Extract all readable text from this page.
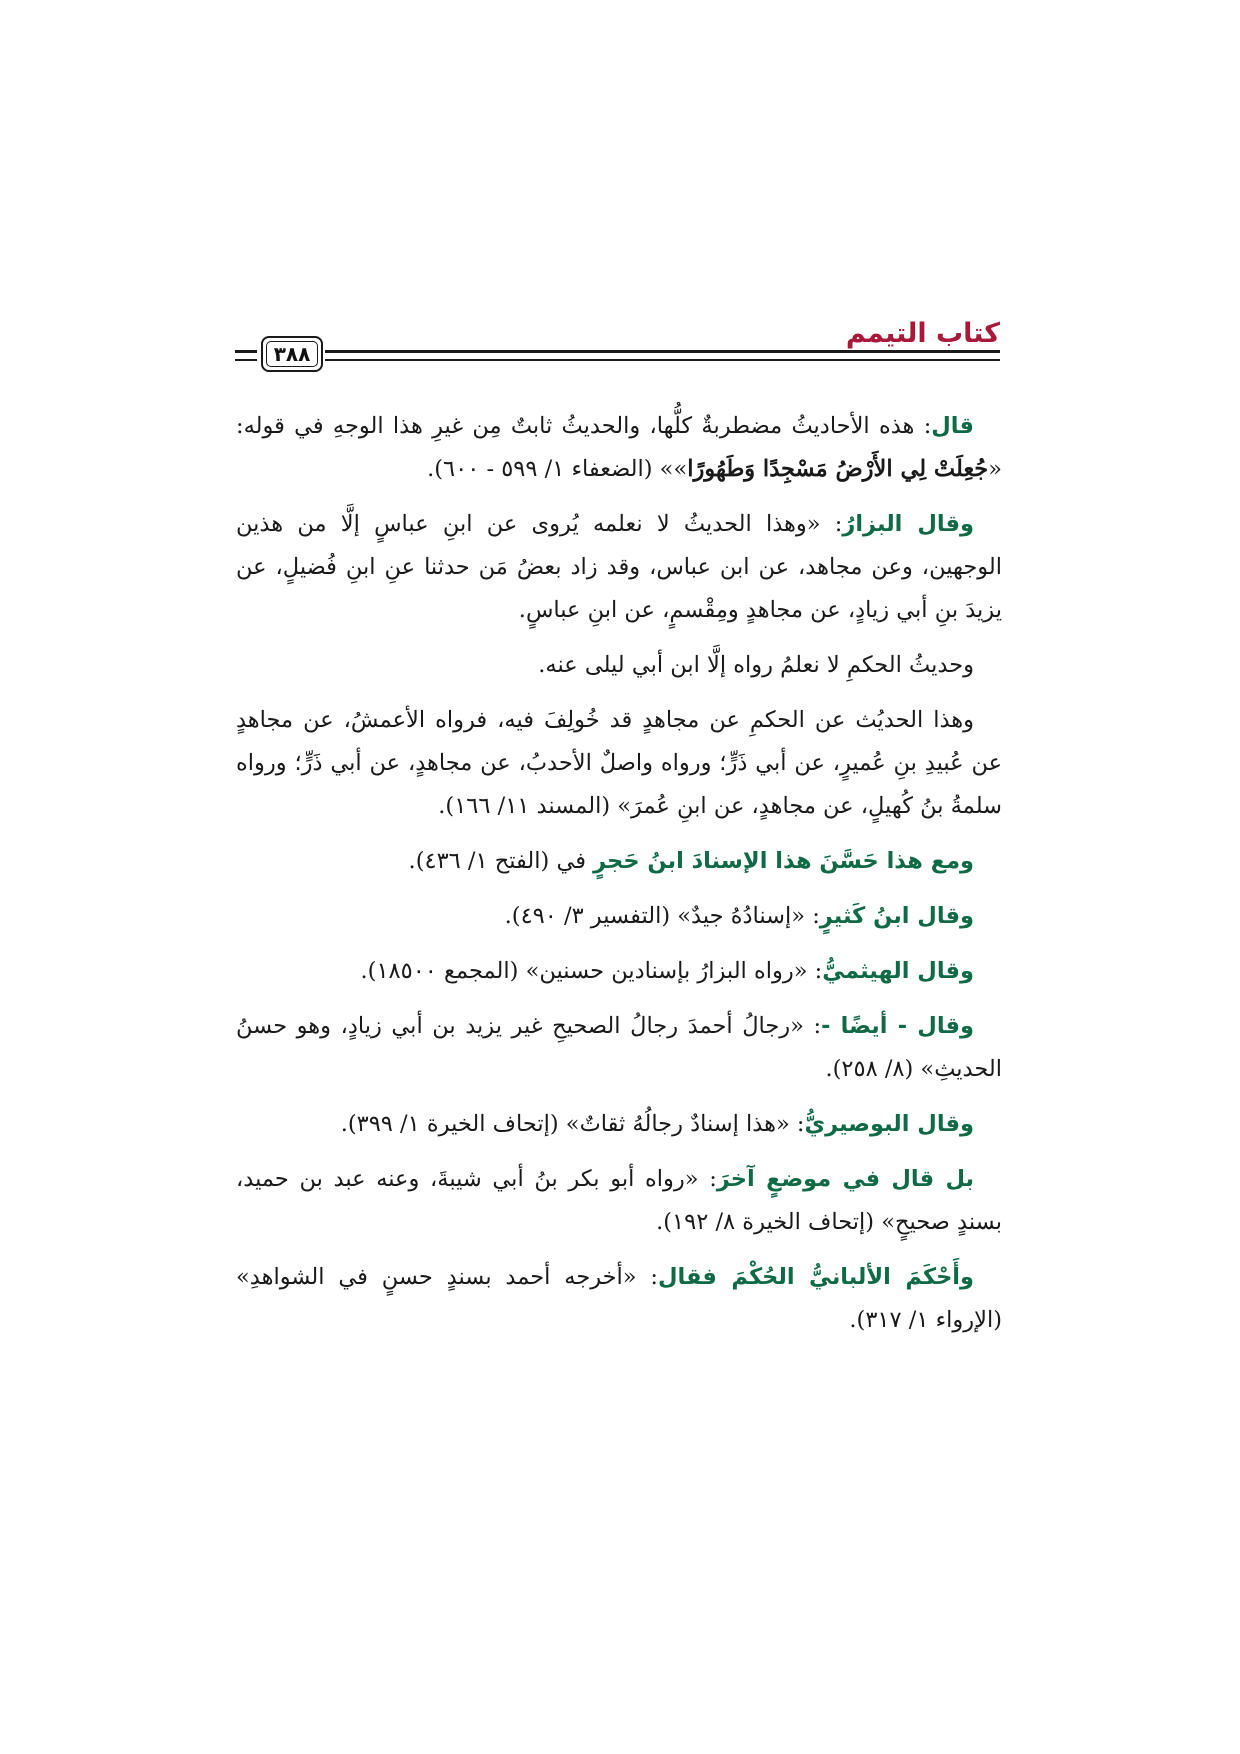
كتاب التيمم
٣٨٨

قال: هذه الأحاديثُ مضطربةٌ كلُّها، والحديثُ ثابتٌ مِن غيرِ هذا الوجهِ في قوله: «جُعِلَتْ لِي الأَرْضُ مَسْجِدًا وَطَهُورًا»» (الضعفاء ١/ ٥٩٩ - ٦٠٠).

وقال البزارُ: «وهذا الحديثُ لا نعلمه يُروى عن ابنِ عباسٍ إلَّا من هذين الوجهين، وعن مجاهد، عن ابن عباس، وقد زاد بعضُ مَن حدثنا عنِ ابنِ فُضيلٍ، عن يزيدَ بنِ أبي زيادٍ، عن مجاهدٍ ومِقْسمٍ، عن ابنِ عباسٍ.

وحديثُ الحكمِ لا نعلمُ رواه إلَّا ابن أبي ليلى عنه.

وهذا الحديُث عن الحكمِ عن مجاهدٍ قد خُولِفَ فيه، فرواه الأعمشُ، عن مجاهدٍ عن عُبيدِ بنِ عُميرٍ، عن أبي ذَرٍّ؛ ورواه واصلٌ الأحدبُ، عن مجاهدٍ، عن أبي ذَرٍّ؛ ورواه سلمةُ بنُ كُهيلٍ، عن مجاهدٍ، عن ابنِ عُمرَ» (المسند ١١/ ١٦٦).

ومع هذا حَسَّنَ هذا الإسنادَ ابنُ حَجرٍ في (الفتح ١/ ٤٣٦).

وقال ابنُ كَثيرٍ: «إسنادُهُ جيدٌ» (التفسير ٣/ ٤٩٠).

وقال الهيثميُّ: «رواه البزارُ بإسنادين حسنين» (المجمع ١٨٥٠٠).

وقال - أيضًا -: «رجالُ أحمدَ رجالُ الصحيحِ غير يزيد بن أبي زيادٍ، وهو حسنُ الحديثِ» (٨/ ٢٥٨).

وقال البوصيريُّ: «هذا إسنادٌ رجالُهُ ثقاتٌ» (إتحاف الخيرة ١/ ٣٩٩).

بل قال في موضعٍ آخرَ: «رواه أبو بكر بنُ أبي شيبةَ، وعنه عبد بن حميد، بسندٍ صحيحٍ» (إتحاف الخيرة ٨/ ١٩٢).

وأَحْكَمَ الألبانيُّ الحُكْمَ فقال: «أخرجه أحمد بسندٍ حسنٍ في الشواهدِ» (الإرواء ١/ ٣١٧).
